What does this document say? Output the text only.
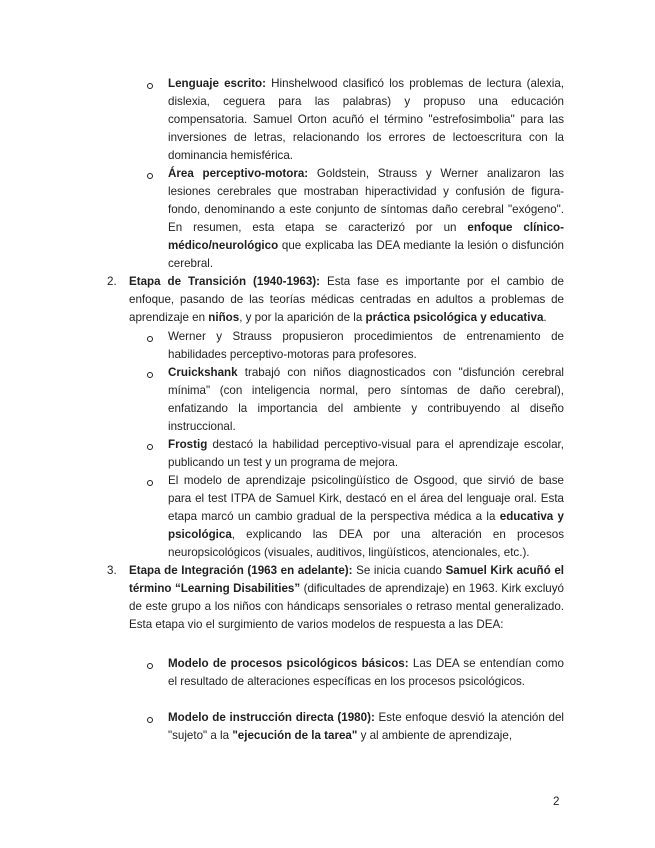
Lenguaje escrito: Hinshelwood clasificó los problemas de lectura (alexia, dislexia, ceguera para las palabras) y propuso una educación compensatoria. Samuel Orton acuñó el término "estrefosimbolia" para las inversiones de letras, relacionando los errores de lectoescritura con la dominancia hemisférica.

Área perceptivo-motora: Goldstein, Strauss y Werner analizaron las lesiones cerebrales que mostraban hiperactividad y confusión de figura-fondo, denominando a este conjunto de síntomas daño cerebral "exógeno". En resumen, esta etapa se caracterizó por un enfoque clínico-médico/neurológico que explicaba las DEA mediante la lesión o disfunción cerebral.

2.	Etapa de Transición (1940-1963): Esta fase es importante por el cambio de enfoque, pasando de las teorías médicas centradas en adultos a problemas de aprendizaje en niños, y por la aparición de la práctica psicológica y educativa.

Werner y Strauss propusieron procedimientos de entrenamiento de habilidades perceptivo-motoras para profesores.

Cruickshank trabajó con niños diagnosticados con "disfunción cerebral mínima" (con inteligencia normal, pero síntomas de daño cerebral), enfatizando la importancia del ambiente y contribuyendo al diseño instruccional.

Frostig destacó la habilidad perceptivo-visual para el aprendizaje escolar, publicando un test y un programa de mejora.

El modelo de aprendizaje psicolingüístico de Osgood, que sirvió de base para el test ITPA de Samuel Kirk, destacó en el área del lenguaje oral. Esta etapa marcó un cambio gradual de la perspectiva médica a la educativa y psicológica, explicando las DEA por una alteración en procesos neuropsicológicos (visuales, auditivos, lingüísticos, atencionales, etc.).

3.	Etapa de Integración (1963 en adelante): Se inicia cuando Samuel Kirk acuñó el término “Learning Disabilities” (dificultades de aprendizaje) en 1963. Kirk excluyó de este grupo a los niños con hándicaps sensoriales o retraso mental generalizado. Esta etapa vio el surgimiento de varios modelos de respuesta a las DEA:

Modelo de procesos psicológicos básicos: Las DEA se entendían como el resultado de alteraciones específicas en los procesos psicológicos.

Modelo de instrucción directa (1980): Este enfoque desvió la atención del "sujeto" a la "ejecución de la tarea" y al ambiente de aprendizaje,

2
